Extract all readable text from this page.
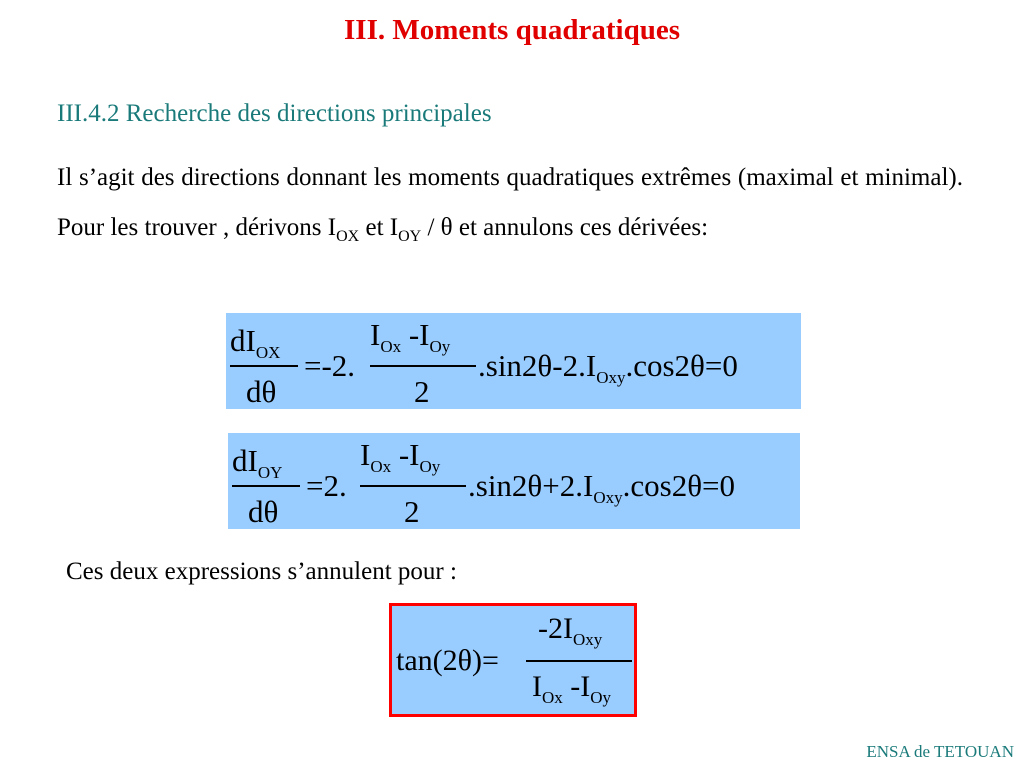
III. Moments quadratiques
III.4.2 Recherche des directions principales
Il s’agit des directions donnant les moments quadratiques extrêmes (maximal et minimal). Pour les trouver , dérivons $I_{OX}$ et $I_{OY}$ / θ et annulons ces dérivées:
$dI_{OX}$
dθ
=-2.
$I_{Ox}$ $-I_{Oy}$
2
$.\sin 2\theta-2.I_{Oxy}.\cos 2\theta=0$
$dI_{OY}$
dθ
=2.
$I_{Ox}$ $-I_{Oy}$
2
$.\sin 2\theta+2.I_{Oxy}.\cos 2\theta=0$
Ces deux expressions s’annulent pour :
tan(2θ)=
$-2I_{Oxy}$
$I_{Ox}$ $-I_{Oy}$
ENSA de TETOUAN
